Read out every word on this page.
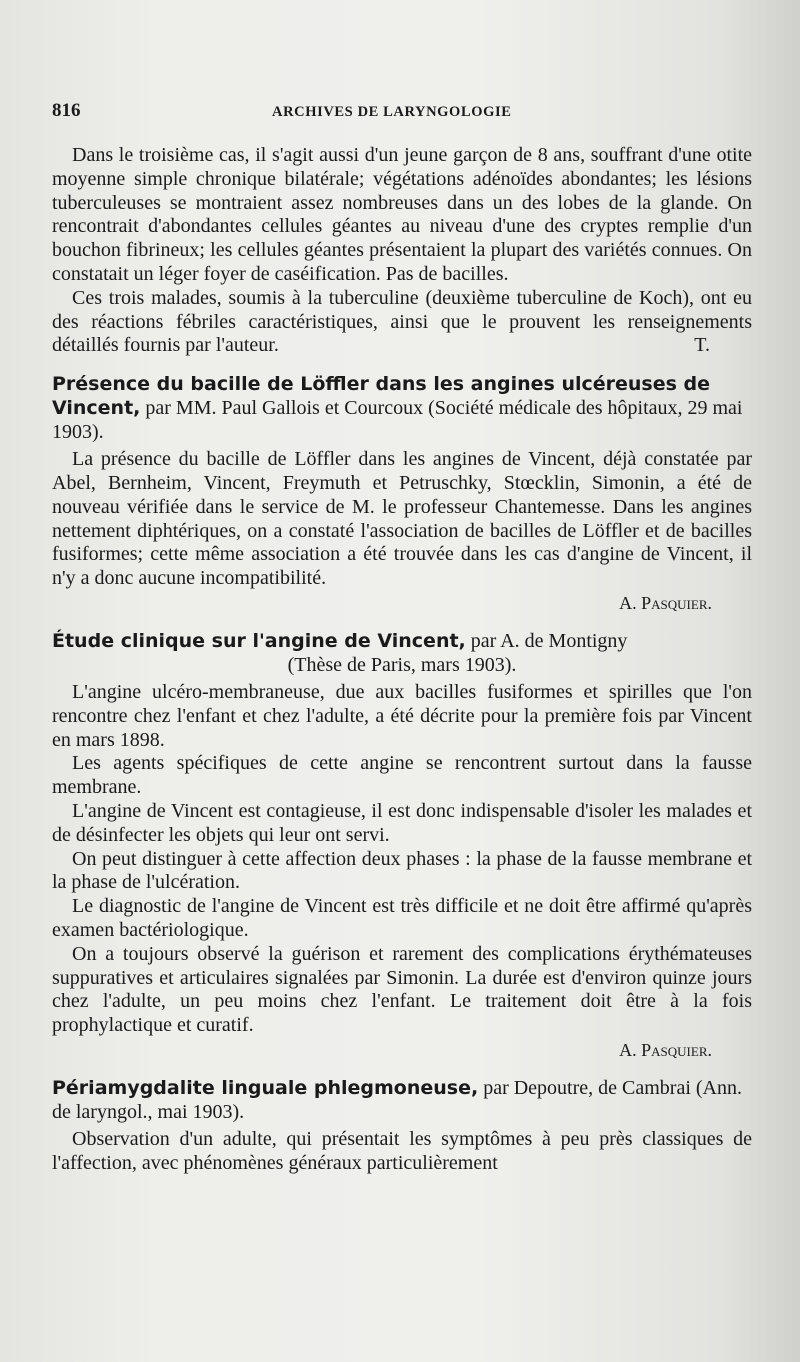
816	ARCHIVES DE LARYNGOLOGIE

Dans le troisième cas, il s'agit aussi d'un jeune garçon de 8 ans, souffrant d'une otite moyenne simple chronique bilatérale; végétations adénoïdes abondantes; les lésions tuberculeuses se montraient assez nombreuses dans un des lobes de la glande. On rencontrait d'abondantes cellules géantes au niveau d'une des cryptes remplie d'un bouchon fibrineux; les cellules géantes présentaient la plupart des variétés connues. On constatait un léger foyer de caséification. Pas de bacilles.

Ces trois malades, soumis à la tuberculine (deuxième tuberculine de Koch), ont eu des réactions fébriles caractéristiques, ainsi que le prouvent les renseignements détaillés fournis par l'auteur.	T.

Présence du bacille de Löffler dans les angines ulcéreuses de Vincent, par MM. Paul Gallois et Courcoux (Société médicale des hôpitaux, 29 mai 1903).

La présence du bacille de Löffler dans les angines de Vincent, déjà constatée par Abel, Bernheim, Vincent, Freymuth et Petruschky, Stœcklin, Simonin, a été de nouveau vérifiée dans le service de M. le professeur Chantemesse. Dans les angines nettement diphtériques, on a constaté l'association de bacilles de Löffler et de bacilles fusiformes; cette même association a été trouvée dans les cas d'angine de Vincent, il n'y a donc aucune incompatibilité.

A. Pasquier.
Étude clinique sur l'angine de Vincent, par A. de Montigny
(Thèse de Paris, mars 1903).

L'angine ulcéro-membraneuse, due aux bacilles fusiformes et spirilles que l'on rencontre chez l'enfant et chez l'adulte, a été décrite pour la première fois par Vincent en mars 1898.

Les agents spécifiques de cette angine se rencontrent surtout dans la fausse membrane.

L'angine de Vincent est contagieuse, il est donc indispensable d'isoler les malades et de désinfecter les objets qui leur ont servi.

On peut distinguer à cette affection deux phases : la phase de la fausse membrane et la phase de l'ulcération.

Le diagnostic de l'angine de Vincent est très difficile et ne doit être affirmé qu'après examen bactériologique.

On a toujours observé la guérison et rarement des complications érythémateuses suppuratives et articulaires signalées par Simonin. La durée est d'environ quinze jours chez l'adulte, un peu moins chez l'enfant. Le traitement doit être à la fois prophylactique et curatif.

A. Pasquier.
Périamygdalite linguale phlegmoneuse, par Depoutre, de Cambrai (Ann. de laryngol., mai 1903).

Observation d'un adulte, qui présentait les symptômes à peu près classiques de l'affection, avec phénomènes généraux particulièrement
